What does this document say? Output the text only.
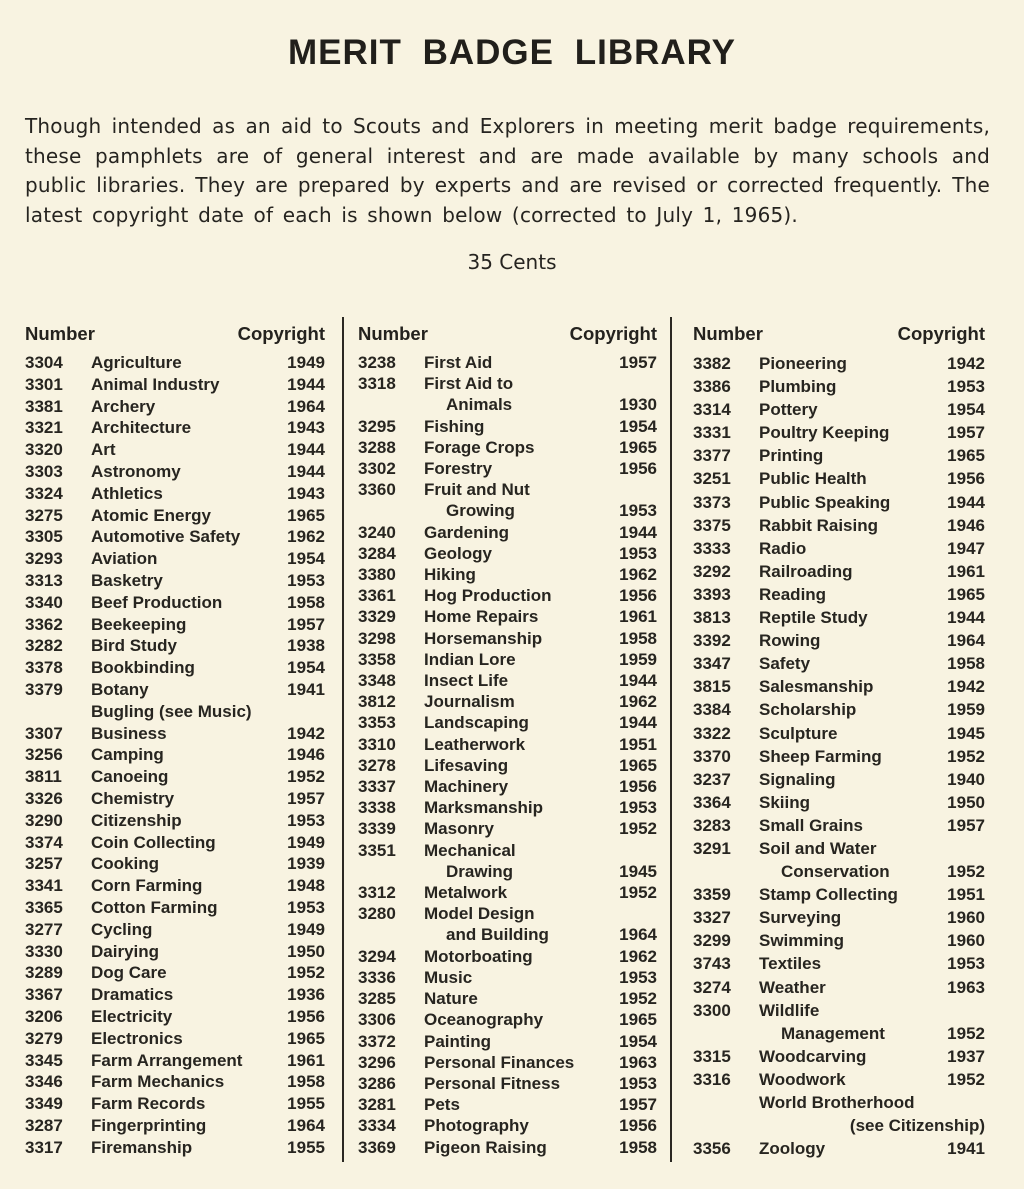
MERIT BADGE LIBRARY

Though intended as an aid to Scouts and Explorers in meeting merit badge requirements, these pamphlets are of general interest and are made available by many schools and public libraries. They are prepared by experts and are revised or corrected frequently. The latest copyright date of each is shown below (corrected to July 1, 1965).

35 Cents
Number	Copyright
3304	Agriculture	1949
3301	Animal Industry	1944
3381	Archery	1964
3321	Architecture	1943
3320	Art	1944
3303	Astronomy	1944
3324	Athletics	1943
3275	Atomic Energy	1965
3305	Automotive Safety	1962
3293	Aviation	1954
3313	Basketry	1953
3340	Beef Production	1958
3362	Beekeeping	1957
3282	Bird Study	1938
3378	Bookbinding	1954
3379	Botany	1941
Bugling (see Music)
3307	Business	1942
3256	Camping	1946
3811	Canoeing	1952
3326	Chemistry	1957
3290	Citizenship	1953
3374	Coin Collecting	1949
3257	Cooking	1939
3341	Corn Farming	1948
3365	Cotton Farming	1953
3277	Cycling	1949
3330	Dairying	1950
3289	Dog Care	1952
3367	Dramatics	1936
3206	Electricity	1956
3279	Electronics	1965
3345	Farm Arrangement	1961
3346	Farm Mechanics	1958
3349	Farm Records	1955
3287	Fingerprinting	1964
3317	Firemanship	1955
Number	Copyright
3238	First Aid	1957
3318	First Aid to
Animals	1930
3295	Fishing	1954
3288	Forage Crops	1965
3302	Forestry	1956
3360	Fruit and Nut
Growing	1953
3240	Gardening	1944
3284	Geology	1953
3380	Hiking	1962
3361	Hog Production	1956
3329	Home Repairs	1961
3298	Horsemanship	1958
3358	Indian Lore	1959
3348	Insect Life	1944
3812	Journalism	1962
3353	Landscaping	1944
3310	Leatherwork	1951
3278	Lifesaving	1965
3337	Machinery	1956
3338	Marksmanship	1953
3339	Masonry	1952
3351	Mechanical
Drawing	1945
3312	Metalwork	1952
3280	Model Design
and Building	1964
3294	Motorboating	1962
3336	Music	1953
3285	Nature	1952
3306	Oceanography	1965
3372	Painting	1954
3296	Personal Finances	1963
3286	Personal Fitness	1953
3281	Pets	1957
3334	Photography	1956
3369	Pigeon Raising	1958
Number	Copyright
3382	Pioneering	1942
3386	Plumbing	1953
3314	Pottery	1954
3331	Poultry Keeping	1957
3377	Printing	1965
3251	Public Health	1956
3373	Public Speaking	1944
3375	Rabbit Raising	1946
3333	Radio	1947
3292	Railroading	1961
3393	Reading	1965
3813	Reptile Study	1944
3392	Rowing	1964
3347	Safety	1958
3815	Salesmanship	1942
3384	Scholarship	1959
3322	Sculpture	1945
3370	Sheep Farming	1952
3237	Signaling	1940
3364	Skiing	1950
3283	Small Grains	1957
3291	Soil and Water
Conservation	1952
3359	Stamp Collecting	1951
3327	Surveying	1960
3299	Swimming	1960
3743	Textiles	1953
3274	Weather	1963
3300	Wildlife
Management	1952
3315	Woodcarving	1937
3316	Woodwork	1952
World Brotherhood
(see Citizenship)
3356	Zoology	1941
